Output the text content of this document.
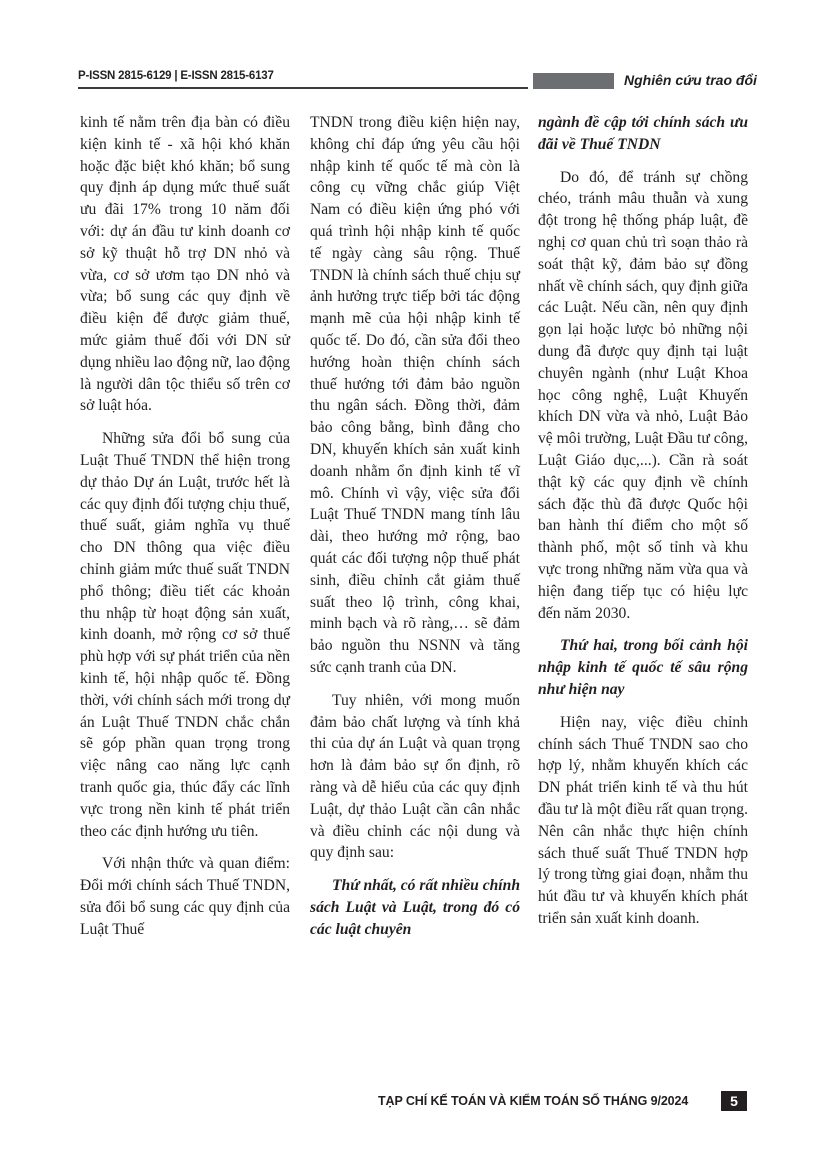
P-ISSN 2815-6129 | E-ISSN 2815-6137	Nghiên cứu trao đổi

kinh tế nằm trên địa bàn có điều kiện kinh tế - xã hội khó khăn hoặc đặc biệt khó khăn; bổ sung quy định áp dụng mức thuế suất ưu đãi 17% trong 10 năm đối với: dự án đầu tư kinh doanh cơ sở kỹ thuật hỗ trợ DN nhỏ và vừa, cơ sở ươm tạo DN nhỏ và vừa; bổ sung các quy định về điều kiện để được giảm thuế, mức giảm thuế đối với DN sử dụng nhiều lao động nữ, lao động là người dân tộc thiểu số trên cơ sở luật hóa.

Những sửa đổi bổ sung của Luật Thuế TNDN thể hiện trong dự thảo Dự án Luật, trước hết là các quy định đối tượng chịu thuế, thuế suất, giảm nghĩa vụ thuế cho DN thông qua việc điều chỉnh giảm mức thuế suất TNDN phổ thông; điều tiết các khoản thu nhập từ hoạt động sản xuất, kinh doanh, mở rộng cơ sở thuế phù hợp với sự phát triển của nền kinh tế, hội nhập quốc tế. Đồng thời, với chính sách mới trong dự án Luật Thuế TNDN chắc chắn sẽ góp phần quan trọng trong việc nâng cao năng lực cạnh tranh quốc gia, thúc đẩy các lĩnh vực trong nền kinh tế phát triển theo các định hướng ưu tiên.

Với nhận thức và quan điểm: Đổi mới chính sách Thuế TNDN, sửa đổi bổ sung các quy định của Luật Thuế

TNDN trong điều kiện hiện nay, không chỉ đáp ứng yêu cầu hội nhập kinh tế quốc tế mà còn là công cụ vững chắc giúp Việt Nam có điều kiện ứng phó với quá trình hội nhập kinh tế quốc tế ngày càng sâu rộng. Thuế TNDN là chính sách thuế chịu sự ảnh hưởng trực tiếp bởi tác động mạnh mẽ của hội nhập kinh tế quốc tế. Do đó, cần sửa đổi theo hướng hoàn thiện chính sách thuế hướng tới đảm bảo nguồn thu ngân sách. Đồng thời, đảm bảo công bằng, bình đẳng cho DN, khuyến khích sản xuất kinh doanh nhằm ổn định kinh tế vĩ mô. Chính vì vậy, việc sửa đổi Luật Thuế TNDN mang tính lâu dài, theo hướng mở rộng, bao quát các đối tượng nộp thuế phát sinh, điều chỉnh cắt giảm thuế suất theo lộ trình, công khai, minh bạch và rõ ràng,… sẽ đảm bảo nguồn thu NSNN và tăng sức cạnh tranh của DN.

Tuy nhiên, với mong muốn đảm bảo chất lượng và tính khả thi của dự án Luật và quan trọng hơn là đảm bảo sự ổn định, rõ ràng và dễ hiểu của các quy định Luật, dự thảo Luật cần cân nhắc và điều chỉnh các nội dung và quy định sau:

Thứ nhất, có rất nhiều chính sách Luật và Luật, trong đó có các luật chuyên

ngành đề cập tới chính sách ưu đãi về Thuế TNDN

Do đó, để tránh sự chồng chéo, tránh mâu thuẫn và xung đột trong hệ thống pháp luật, đề nghị cơ quan chủ trì soạn thảo rà soát thật kỹ, đảm bảo sự đồng nhất về chính sách, quy định giữa các Luật. Nếu cần, nên quy định gọn lại hoặc lược bỏ những nội dung đã được quy định tại luật chuyên ngành (như Luật Khoa học công nghệ, Luật Khuyến khích DN vừa và nhỏ, Luật Bảo vệ môi trường, Luật Đầu tư công, Luật Giáo dục,...). Cần rà soát thật kỹ các quy định về chính sách đặc thù đã được Quốc hội ban hành thí điểm cho một số thành phố, một số tỉnh và khu vực trong những năm vừa qua và hiện đang tiếp tục có hiệu lực đến năm 2030.

Thứ hai, trong bối cảnh hội nhập kinh tế quốc tế sâu rộng như hiện nay

Hiện nay, việc điều chỉnh chính sách Thuế TNDN sao cho hợp lý, nhằm khuyến khích các DN phát triển kinh tế và thu hút đầu tư là một điều rất quan trọng. Nên cân nhắc thực hiện chính sách thuế suất Thuế TNDN hợp lý trong từng giai đoạn, nhằm thu hút đầu tư và khuyến khích phát triển sản xuất kinh doanh.

TẠP CHÍ KẾ TOÁN VÀ KIỂM TOÁN SỐ THÁNG 9/2024	5
